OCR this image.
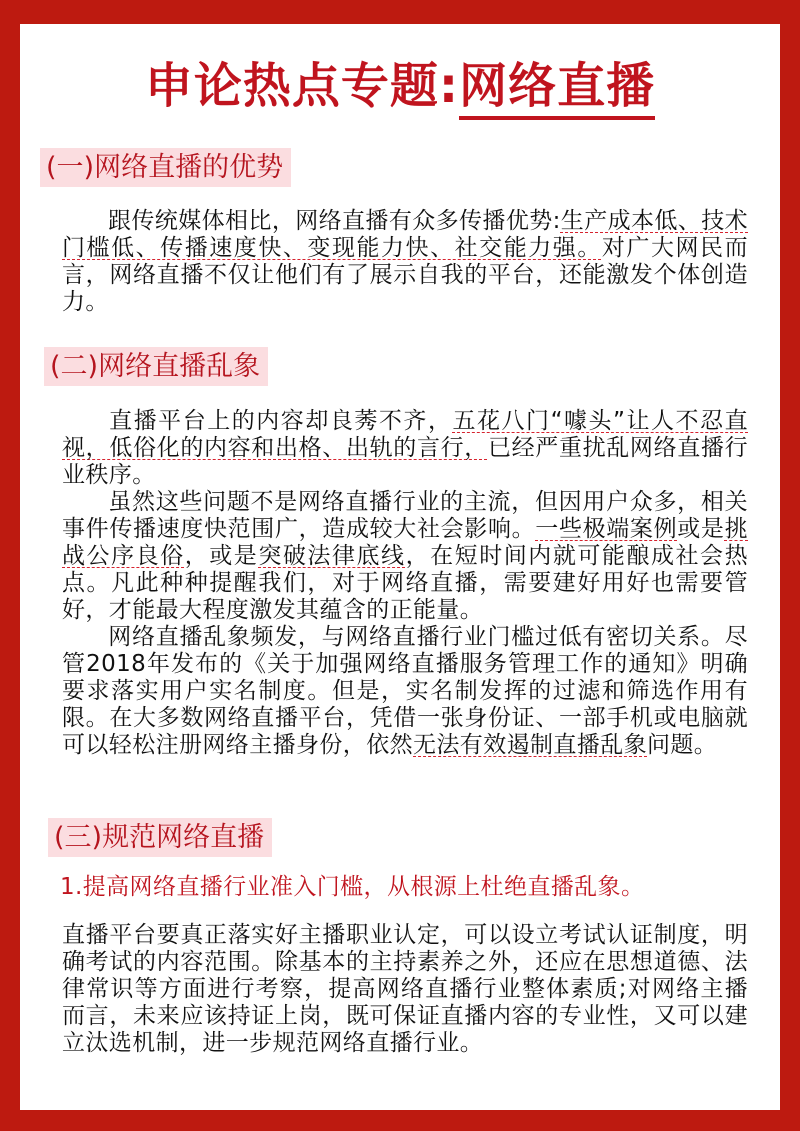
申论热点专题:网络直播
(一)网络直播的优势
跟传统媒体相比，网络直播有众多传播优势:生产成本低、技术门槛低、传播速度快、变现能力快、社交能力强。对广大网民而言，网络直播不仅让他们有了展示自我的平台，还能激发个体创造力。
(二)网络直播乱象
直播平台上的内容却良莠不齐，五花八门“噱头”让人不忍直视，低俗化的内容和出格、出轨的言行，已经严重扰乱网络直播行业秩序。
虽然这些问题不是网络直播行业的主流，但因用户众多，相关事件传播速度快范围广，造成较大社会影响。一些极端案例或是挑战公序良俗，或是突破法律底线，在短时间内就可能酿成社会热点。凡此种种提醒我们，对于网络直播，需要建好用好也需要管好，才能最大程度激发其蕴含的正能量。
网络直播乱象频发，与网络直播行业门槛过低有密切关系。尽管2018年发布的《关于加强网络直播服务管理工作的通知》明确要求落实用户实名制度。但是，实名制发挥的过滤和筛选作用有限。在大多数网络直播平台，凭借一张身份证、一部手机或电脑就可以轻松注册网络主播身份，依然无法有效遏制直播乱象问题。
(三)规范网络直播
1.提高网络直播行业准入门槛，从根源上杜绝直播乱象。
直播平台要真正落实好主播职业认定，可以设立考试认证制度，明确考试的内容范围。除基本的主持素养之外，还应在思想道德、法律常识等方面进行考察，提高网络直播行业整体素质;对网络主播而言，未来应该持证上岗，既可保证直播内容的专业性，又可以建立汰选机制，进一步规范网络直播行业。
